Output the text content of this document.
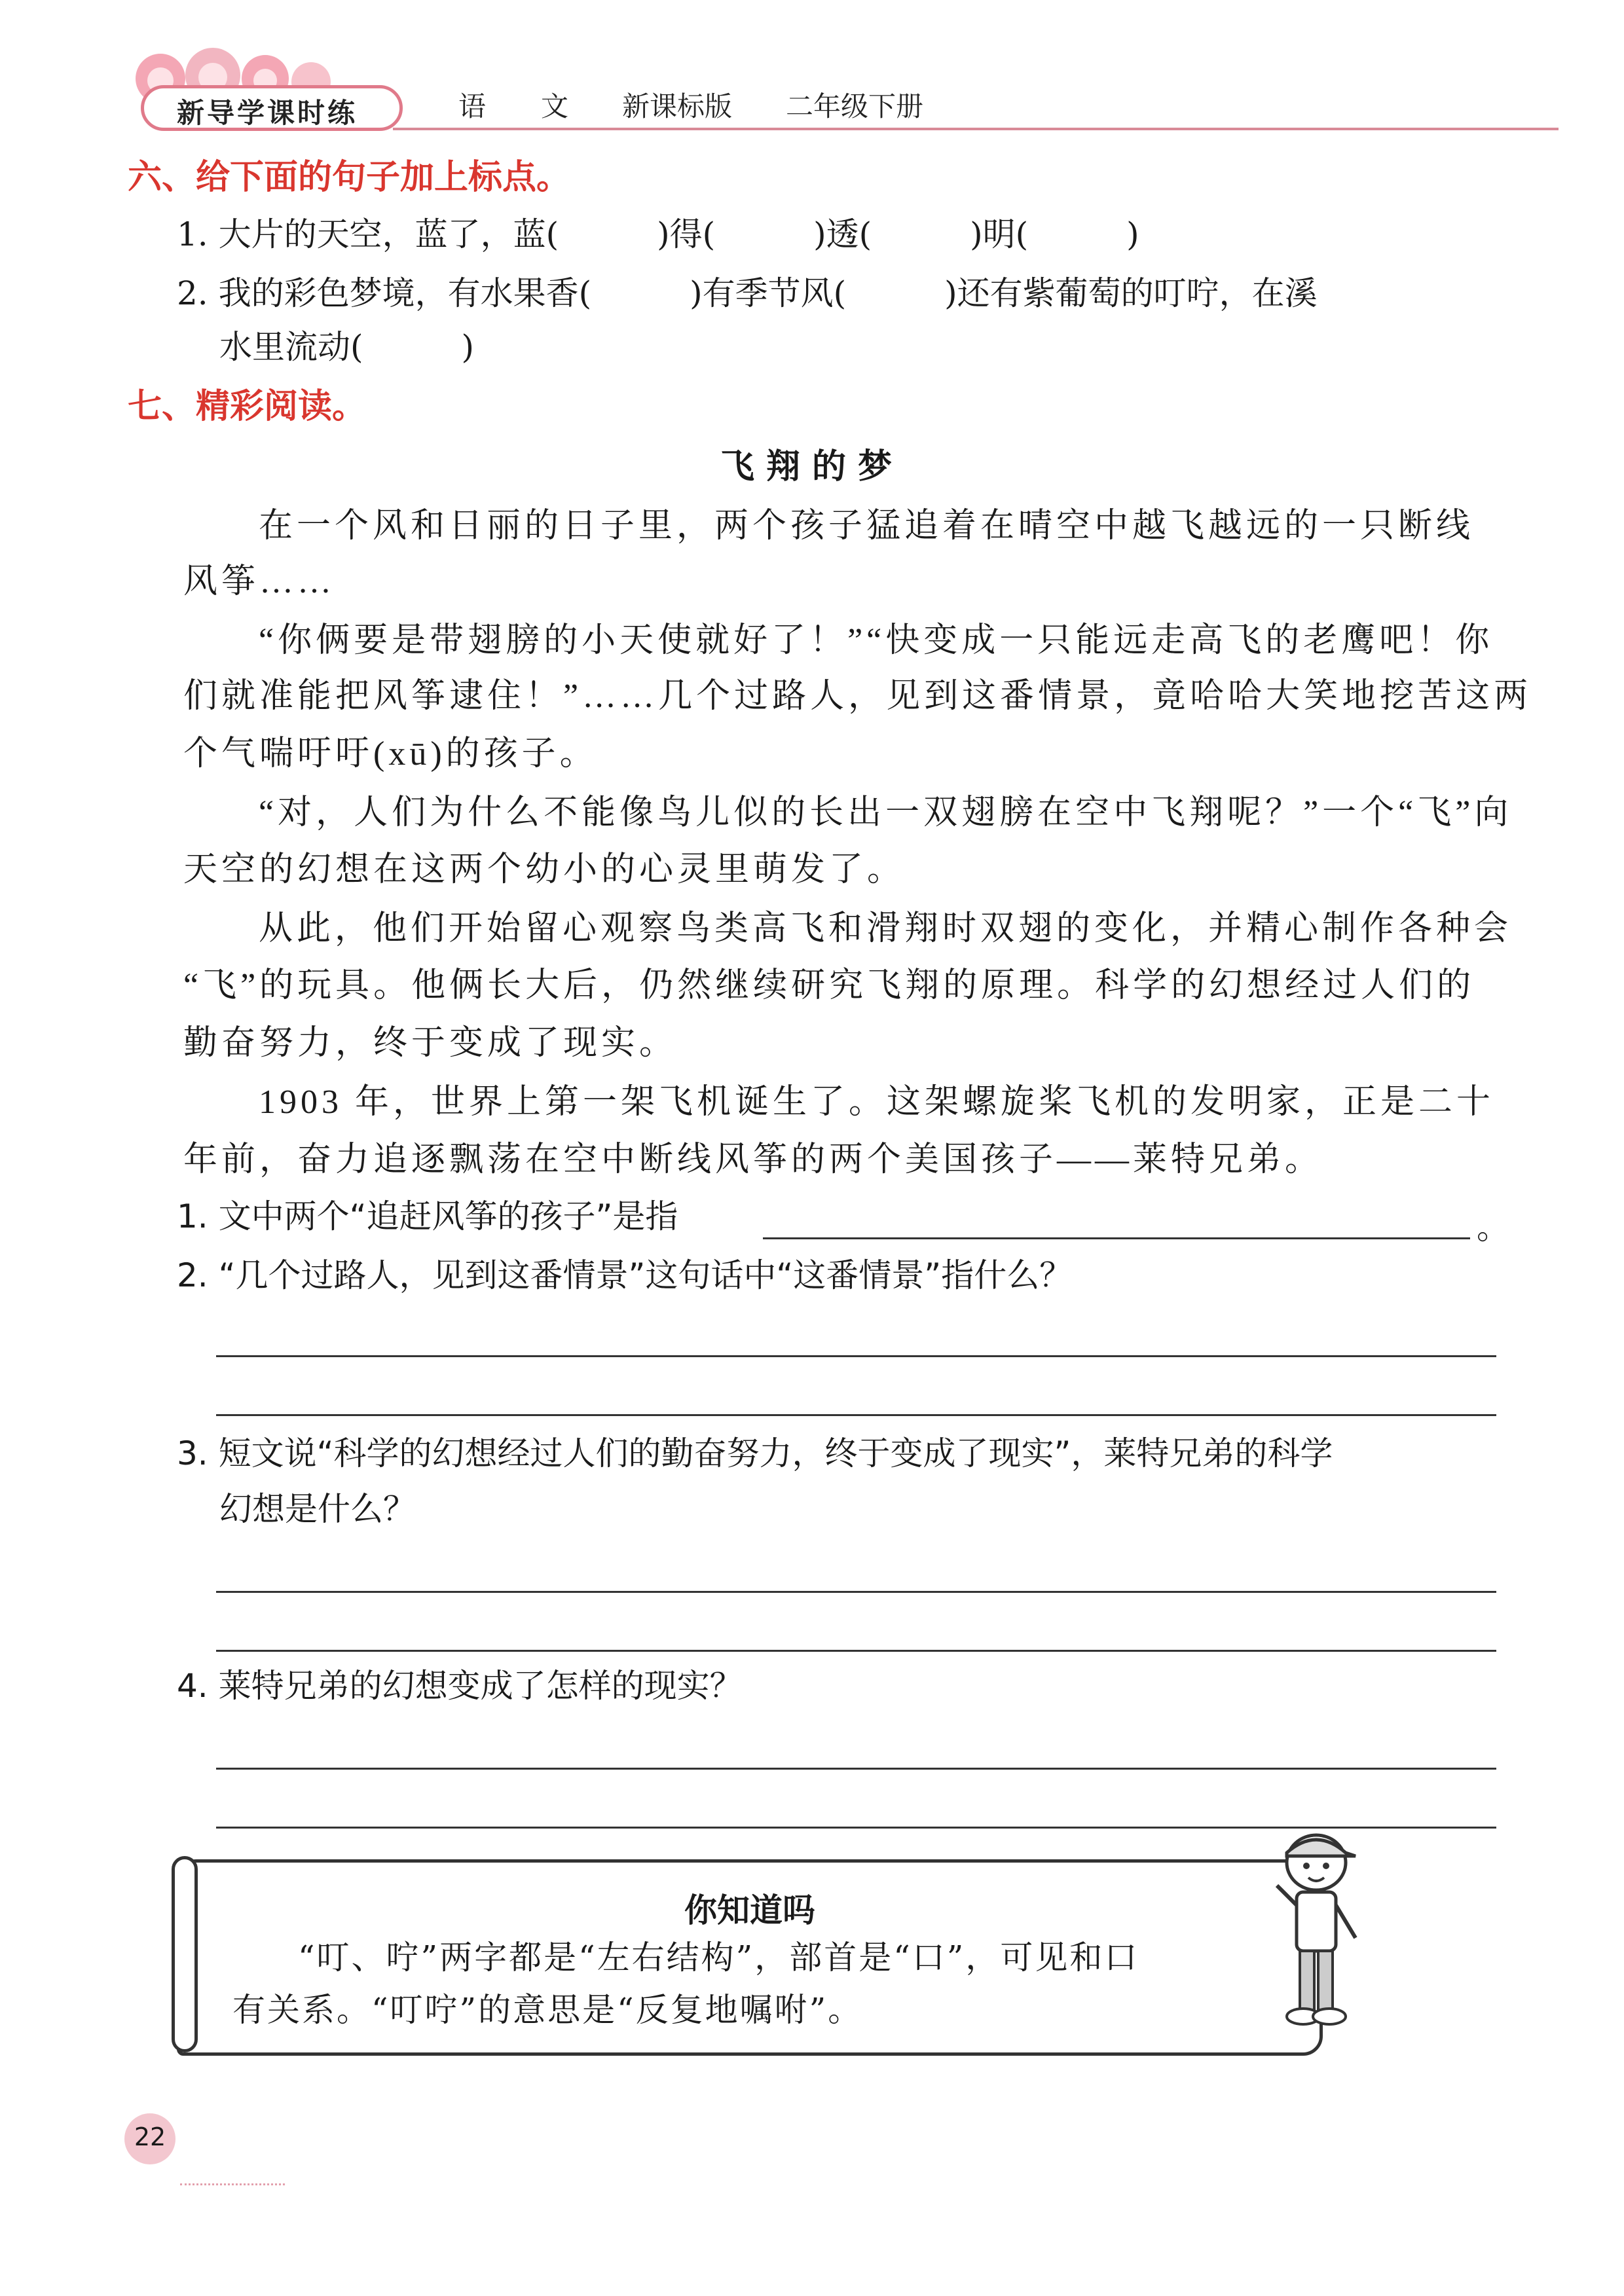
新导学课时练	语　　文 新课标版 二年级下册
六、给下面的句子加上标点。
1. 大片的天空，蓝了，蓝(　　　)得(　　　)透(　　　)明(　　　)
2. 我的彩色梦境，有水果香(　　　)有季节风(　　　)还有紫葡萄的叮咛，在溪
水里流动(　　　)
七、精彩阅读。
飞翔的梦
在一个风和日丽的日子里，两个孩子猛追着在晴空中越飞越远的一只断线
风筝……
“你俩要是带翅膀的小天使就好了！”“快变成一只能远走高飞的老鹰吧！你
们就准能把风筝逮住！”……几个过路人，见到这番情景，竟哈哈大笑地挖苦这两
个气喘吁吁(xū)的孩子。
“对，人们为什么不能像鸟儿似的长出一双翅膀在空中飞翔呢？”一个“飞”向
天空的幻想在这两个幼小的心灵里萌发了。
从此，他们开始留心观察鸟类高飞和滑翔时双翅的变化，并精心制作各种会
“飞”的玩具。他俩长大后，仍然继续研究飞翔的原理。科学的幻想经过人们的
勤奋努力，终于变成了现实。
1903 年，世界上第一架飞机诞生了。这架螺旋桨飞机的发明家，正是二十
年前，奋力追逐飘荡在空中断线风筝的两个美国孩子——莱特兄弟。
1. 文中两个“追赶风筝的孩子”是指	。
2. “几个过路人，见到这番情景”这句话中“这番情景”指什么？
3. 短文说“科学的幻想经过人们的勤奋努力，终于变成了现实”，莱特兄弟的科学
幻想是什么？
4. 莱特兄弟的幻想变成了怎样的现实？
你知道吗
“叮、咛”两字都是“左右结构”，部首是“口”，可见和口
有关系。“叮咛”的意思是“反复地嘱咐”。
22
